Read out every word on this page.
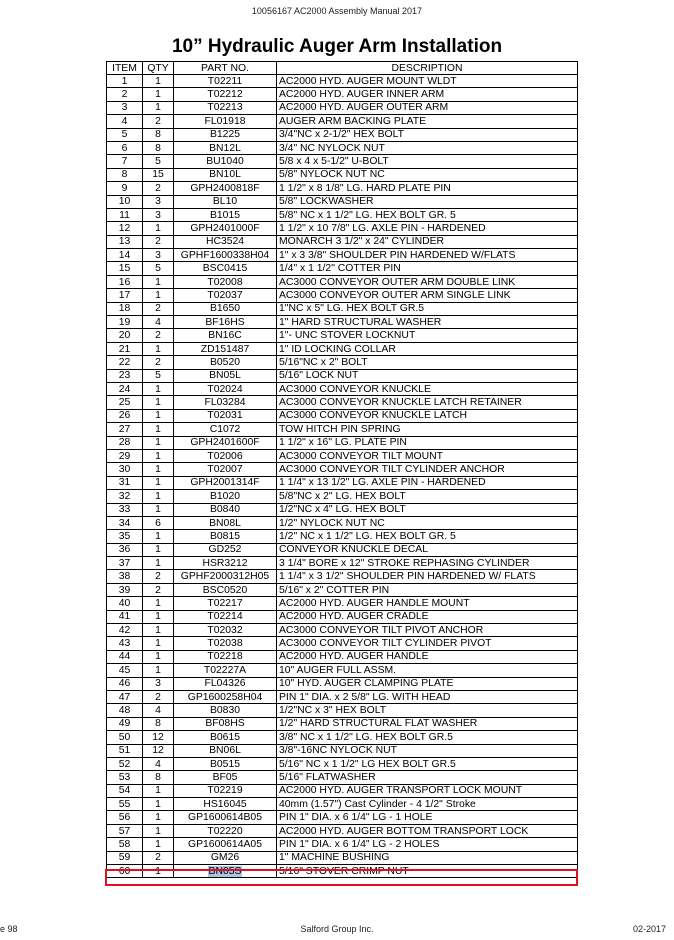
10056167 AC2000 Assembly Manual 2017
10” Hydraulic Auger Arm Installation
ITEM	QTY	PART NO.	DESCRIPTION
1	1	T02211	AC2000 HYD. AUGER MOUNT WLDT
2	1	T02212	AC2000 HYD. AUGER INNER ARM
3	1	T02213	AC2000 HYD. AUGER OUTER ARM
4	2	FL01918	AUGER ARM BACKING PLATE
5	8	B1225	3/4"NC x 2-1/2" HEX BOLT
6	8	BN12L	3/4" NC NYLOCK NUT
7	5	BU1040	5/8 x 4 x 5-1/2" U-BOLT
8	15	BN10L	5/8" NYLOCK NUT NC
9	2	GPH2400818F	1 1/2" x 8 1/8" LG. HARD PLATE PIN
10	3	BL10	5/8" LOCKWASHER
11	3	B1015	5/8" NC x 1 1/2" LG. HEX BOLT GR. 5
12	1	GPH2401000F	1 1/2" x 10 7/8" LG. AXLE PIN - HARDENED
13	2	HC3524	MONARCH 3 1/2" x 24" CYLINDER
14	3	GPHF1600338H04	1" x 3 3/8" SHOULDER PIN HARDENED W/FLATS
15	5	BSC0415	1/4" x 1 1/2" COTTER PIN
16	1	T02008	AC3000 CONVEYOR OUTER ARM DOUBLE LINK
17	1	T02037	AC3000 CONVEYOR OUTER ARM SINGLE LINK
18	2	B1650	1"NC x 5" LG. HEX BOLT GR.5
19	4	BF16HS	1" HARD STRUCTURAL WASHER
20	2	BN16C	1"- UNC STOVER LOCKNUT
21	1	ZD151487	1" ID LOCKING COLLAR
22	2	B0520	5/16"NC x 2" BOLT
23	5	BN05L	5/16" LOCK NUT
24	1	T02024	AC3000 CONVEYOR KNUCKLE
25	1	FL03284	AC3000 CONVEYOR KNUCKLE LATCH RETAINER
26	1	T02031	AC3000 CONVEYOR KNUCKLE LATCH
27	1	C1072	TOW HITCH PIN SPRING
28	1	GPH2401600F	1 1/2" x 16" LG. PLATE PIN
29	1	T02006	AC3000 CONVEYOR TILT MOUNT
30	1	T02007	AC3000 CONVEYOR TILT CYLINDER ANCHOR
31	1	GPH2001314F	1 1/4" x 13 1/2" LG. AXLE PIN - HARDENED
32	1	B1020	5/8"NC x 2" LG. HEX BOLT
33	1	B0840	1/2"NC x 4" LG. HEX BOLT
34	6	BN08L	1/2" NYLOCK NUT NC
35	1	B0815	1/2" NC x 1 1/2" LG. HEX BOLT GR. 5
36	1	GD252	CONVEYOR KNUCKLE DECAL
37	1	HSR3212	3 1/4" BORE x 12" STROKE REPHASING CYLINDER
38	2	GPHF2000312H05	1 1/4" x 3 1/2" SHOULDER PIN HARDENED W/ FLATS
39	2	BSC0520	5/16" x 2" COTTER PIN
40	1	T02217	AC2000 HYD. AUGER HANDLE MOUNT
41	1	T02214	AC2000 HYD. AUGER CRADLE
42	1	T02032	AC3000 CONVEYOR TILT PIVOT ANCHOR
43	1	T02038	AC3000 CONVEYOR TILT CYLINDER PIVOT
44	1	T02218	AC2000 HYD. AUGER HANDLE
45	1	T02227A	10" AUGER FULL ASSM.
46	3	FL04326	10" HYD. AUGER CLAMPING PLATE
47	2	GP1600258H04	PIN 1" DIA. x 2 5/8" LG. WITH HEAD
48	4	B0830	1/2"NC x 3" HEX BOLT
49	8	BF08HS	1/2" HARD STRUCTURAL FLAT WASHER
50	12	B0615	3/8" NC x 1 1/2" LG. HEX BOLT GR.5
51	12	BN06L	3/8"-16NC NYLOCK NUT
52	4	B0515	5/16" NC x 1 1/2" LG HEX BOLT GR.5
53	8	BF05	5/16" FLATWASHER
54	1	T02219	AC2000 HYD. AUGER TRANSPORT LOCK MOUNT
55	1	HS16045	40mm (1.57") Cast Cylinder - 4 1/2" Stroke
56	1	GP1600614B05	PIN 1" DIA. x 6 1/4" LG - 1 HOLE
57	1	T02220	AC2000 HYD. AUGER BOTTOM TRANSPORT LOCK
58	1	GP1600614A05	PIN 1" DIA. x 6 1/4" LG - 2 HOLES
59	2	GM26	1" MACHINE BUSHING
60	1	BN05S	5/16" STOVER CRIMP NUT
e 98	Salford Group Inc.	02-2017
